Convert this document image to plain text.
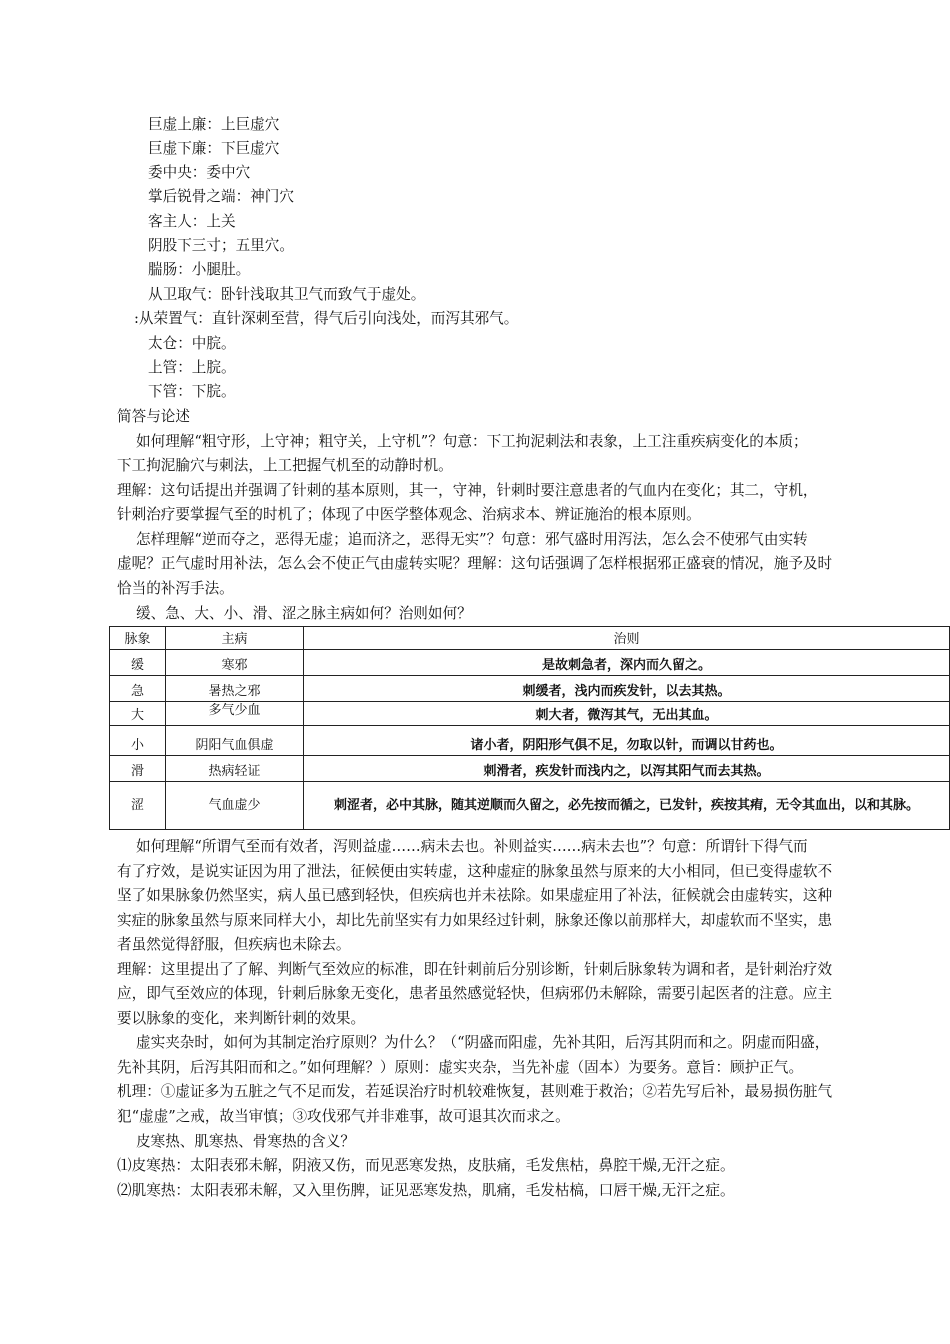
巨虚上廉：上巨虚穴

巨虚下廉：下巨虚穴

委中央：委中穴

掌后锐骨之端：神门穴

客主人：上关

阴股下三寸；五里穴。

腨肠：小腿肚。

从卫取气：卧针浅取其卫气而致气于虚处。

:从荣置气：直针深刺至营，得气后引向浅处，而泻其邪气。

太仓：中脘。

上管：上脘。

下管：下脘。

简答与论述

如何理解“粗守形，上守神；粗守关，上守机”？句意：下工拘泥刺法和表象，上工注重疾病变化的本质；

下工拘泥腧穴与刺法，上工把握气机至的动静时机。

理解：这句话提出并强调了针刺的基本原则，其一，守神，针刺时要注意患者的气血内在变化；其二，守机，

针刺治疗要掌握气至的时机了；体现了中医学整体观念、治病求本、辨证施治的根本原则。

怎样理解“逆而夺之，恶得无虚；追而济之，恶得无实”？句意：邪气盛时用泻法，怎么会不使邪气由实转

虚呢？正气虚时用补法，怎么会不使正气由虚转实呢？理解：这句话强调了怎样根据邪正盛衰的情况，施予及时

恰当的补泻手法。

缓、急、大、小、滑、涩之脉主病如何？治则如何？

脉象	主病	治则
缓	寒邪	是故刺急者，深内而久留之。
急	暑热之邪	刺缓者，浅内而疾发针，以去其热。
大	多气少血	刺大者，微泻其气，无出其血。
小	阴阳气血俱虚	诸小者，阴阳形气俱不足，勿取以针，而调以甘药也。
滑	热病轻证	刺滑者，疾发针而浅内之，以泻其阳气而去其热。
涩	气血虚少	刺涩者，必中其脉，随其逆顺而久留之，必先按而循之，已发针，疾按其痏，无令其血出，以和其脉。

如何理解“所谓气至而有效者，泻则益虚……病未去也。补则益实……病未去也”？句意：所谓针下得气而

有了疗效，是说实证因为用了泄法，征候便由实转虚，这种虚症的脉象虽然与原来的大小相同，但已变得虚软不

坚了如果脉象仍然坚实，病人虽已感到轻快，但疾病也并未祛除。如果虚症用了补法，征候就会由虚转实，这种

实症的脉象虽然与原来同样大小，却比先前坚实有力如果经过针刺，脉象还像以前那样大，却虚软而不坚实，患

者虽然觉得舒服，但疾病也未除去。

理解：这里提出了了解、判断气至效应的标准，即在针刺前后分别诊断，针刺后脉象转为调和者，是针刺治疗效

应，即气至效应的体现，针刺后脉象无变化，患者虽然感觉轻快，但病邪仍未解除，需要引起医者的注意。应主

要以脉象的变化，来判断针刺的效果。

虚实夹杂时，如何为其制定治疗原则？为什么？（“阴盛而阳虚，先补其阳，后泻其阴而和之。阴虚而阳盛，

先补其阴，后泻其阳而和之。”如何理解？）原则：虚实夹杂，当先补虚（固本）为要务。意旨：顾护正气。

机理：①虚证多为五脏之气不足而发，若延误治疗时机较难恢复，甚则难于救治；②若先写后补，最易损伤脏气

犯“虚虚”之戒，故当审慎；③攻伐邪气并非难事，故可退其次而求之。

皮寒热、肌寒热、骨寒热的含义？

⑴皮寒热：太阳表邪未解，阴液又伤，而见恶寒发热，皮肤痛，毛发焦枯，鼻腔干燥,无汗之症。

⑵肌寒热：太阳表邪未解，又入里伤脾，证见恶寒发热，肌痛，毛发枯槁，口唇干燥,无汗之症。
